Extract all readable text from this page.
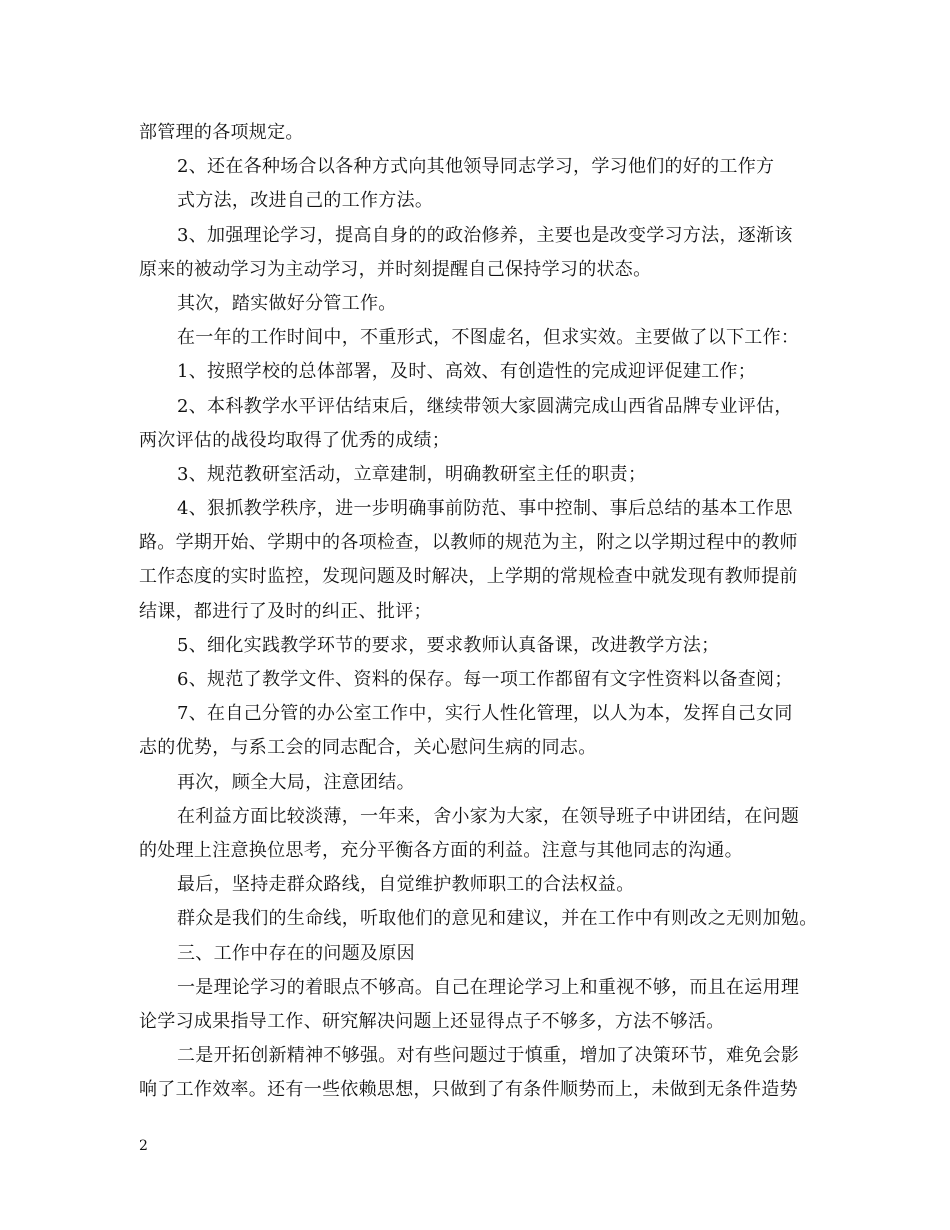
部管理的各项规定。
2、还在各种场合以各种方式向其他领导同志学习，学习他们的好的工作方
式方法，改进自己的工作方法。
3、加强理论学习，提高自身的的政治修养，主要也是改变学习方法，逐渐该
原来的被动学习为主动学习，并时刻提醒自己保持学习的状态。
其次，踏实做好分管工作。
在一年的工作时间中，不重形式，不图虚名，但求实效。主要做了以下工作：
1、按照学校的总体部署，及时、高效、有创造性的完成迎评促建工作；
2、本科教学水平评估结束后，继续带领大家圆满完成山西省品牌专业评估，
两次评估的战役均取得了优秀的成绩；
3、规范教研室活动，立章建制，明确教研室主任的职责；
4、狠抓教学秩序，进一步明确事前防范、事中控制、事后总结的基本工作思
路。学期开始、学期中的各项检查，以教师的规范为主，附之以学期过程中的教师
工作态度的实时监控，发现问题及时解决，上学期的常规检查中就发现有教师提前
结课，都进行了及时的纠正、批评；
5、细化实践教学环节的要求，要求教师认真备课，改进教学方法；
6、规范了教学文件、资料的保存。每一项工作都留有文字性资料以备查阅；
7、在自己分管的办公室工作中，实行人性化管理，以人为本，发挥自己女同
志的优势，与系工会的同志配合，关心慰问生病的同志。
再次，顾全大局，注意团结。
在利益方面比较淡薄，一年来，舍小家为大家，在领导班子中讲团结，在问题
的处理上注意换位思考，充分平衡各方面的利益。注意与其他同志的沟通。
最后，坚持走群众路线，自觉维护教师职工的合法权益。
群众是我们的生命线，听取他们的意见和建议，并在工作中有则改之无则加勉。
三、工作中存在的问题及原因
一是理论学习的着眼点不够高。自己在理论学习上和重视不够，而且在运用理
论学习成果指导工作、研究解决问题上还显得点子不够多，方法不够活。
二是开拓创新精神不够强。对有些问题过于慎重，增加了决策环节，难免会影
响了工作效率。还有一些依赖思想，只做到了有条件顺势而上，未做到无条件造势
2
